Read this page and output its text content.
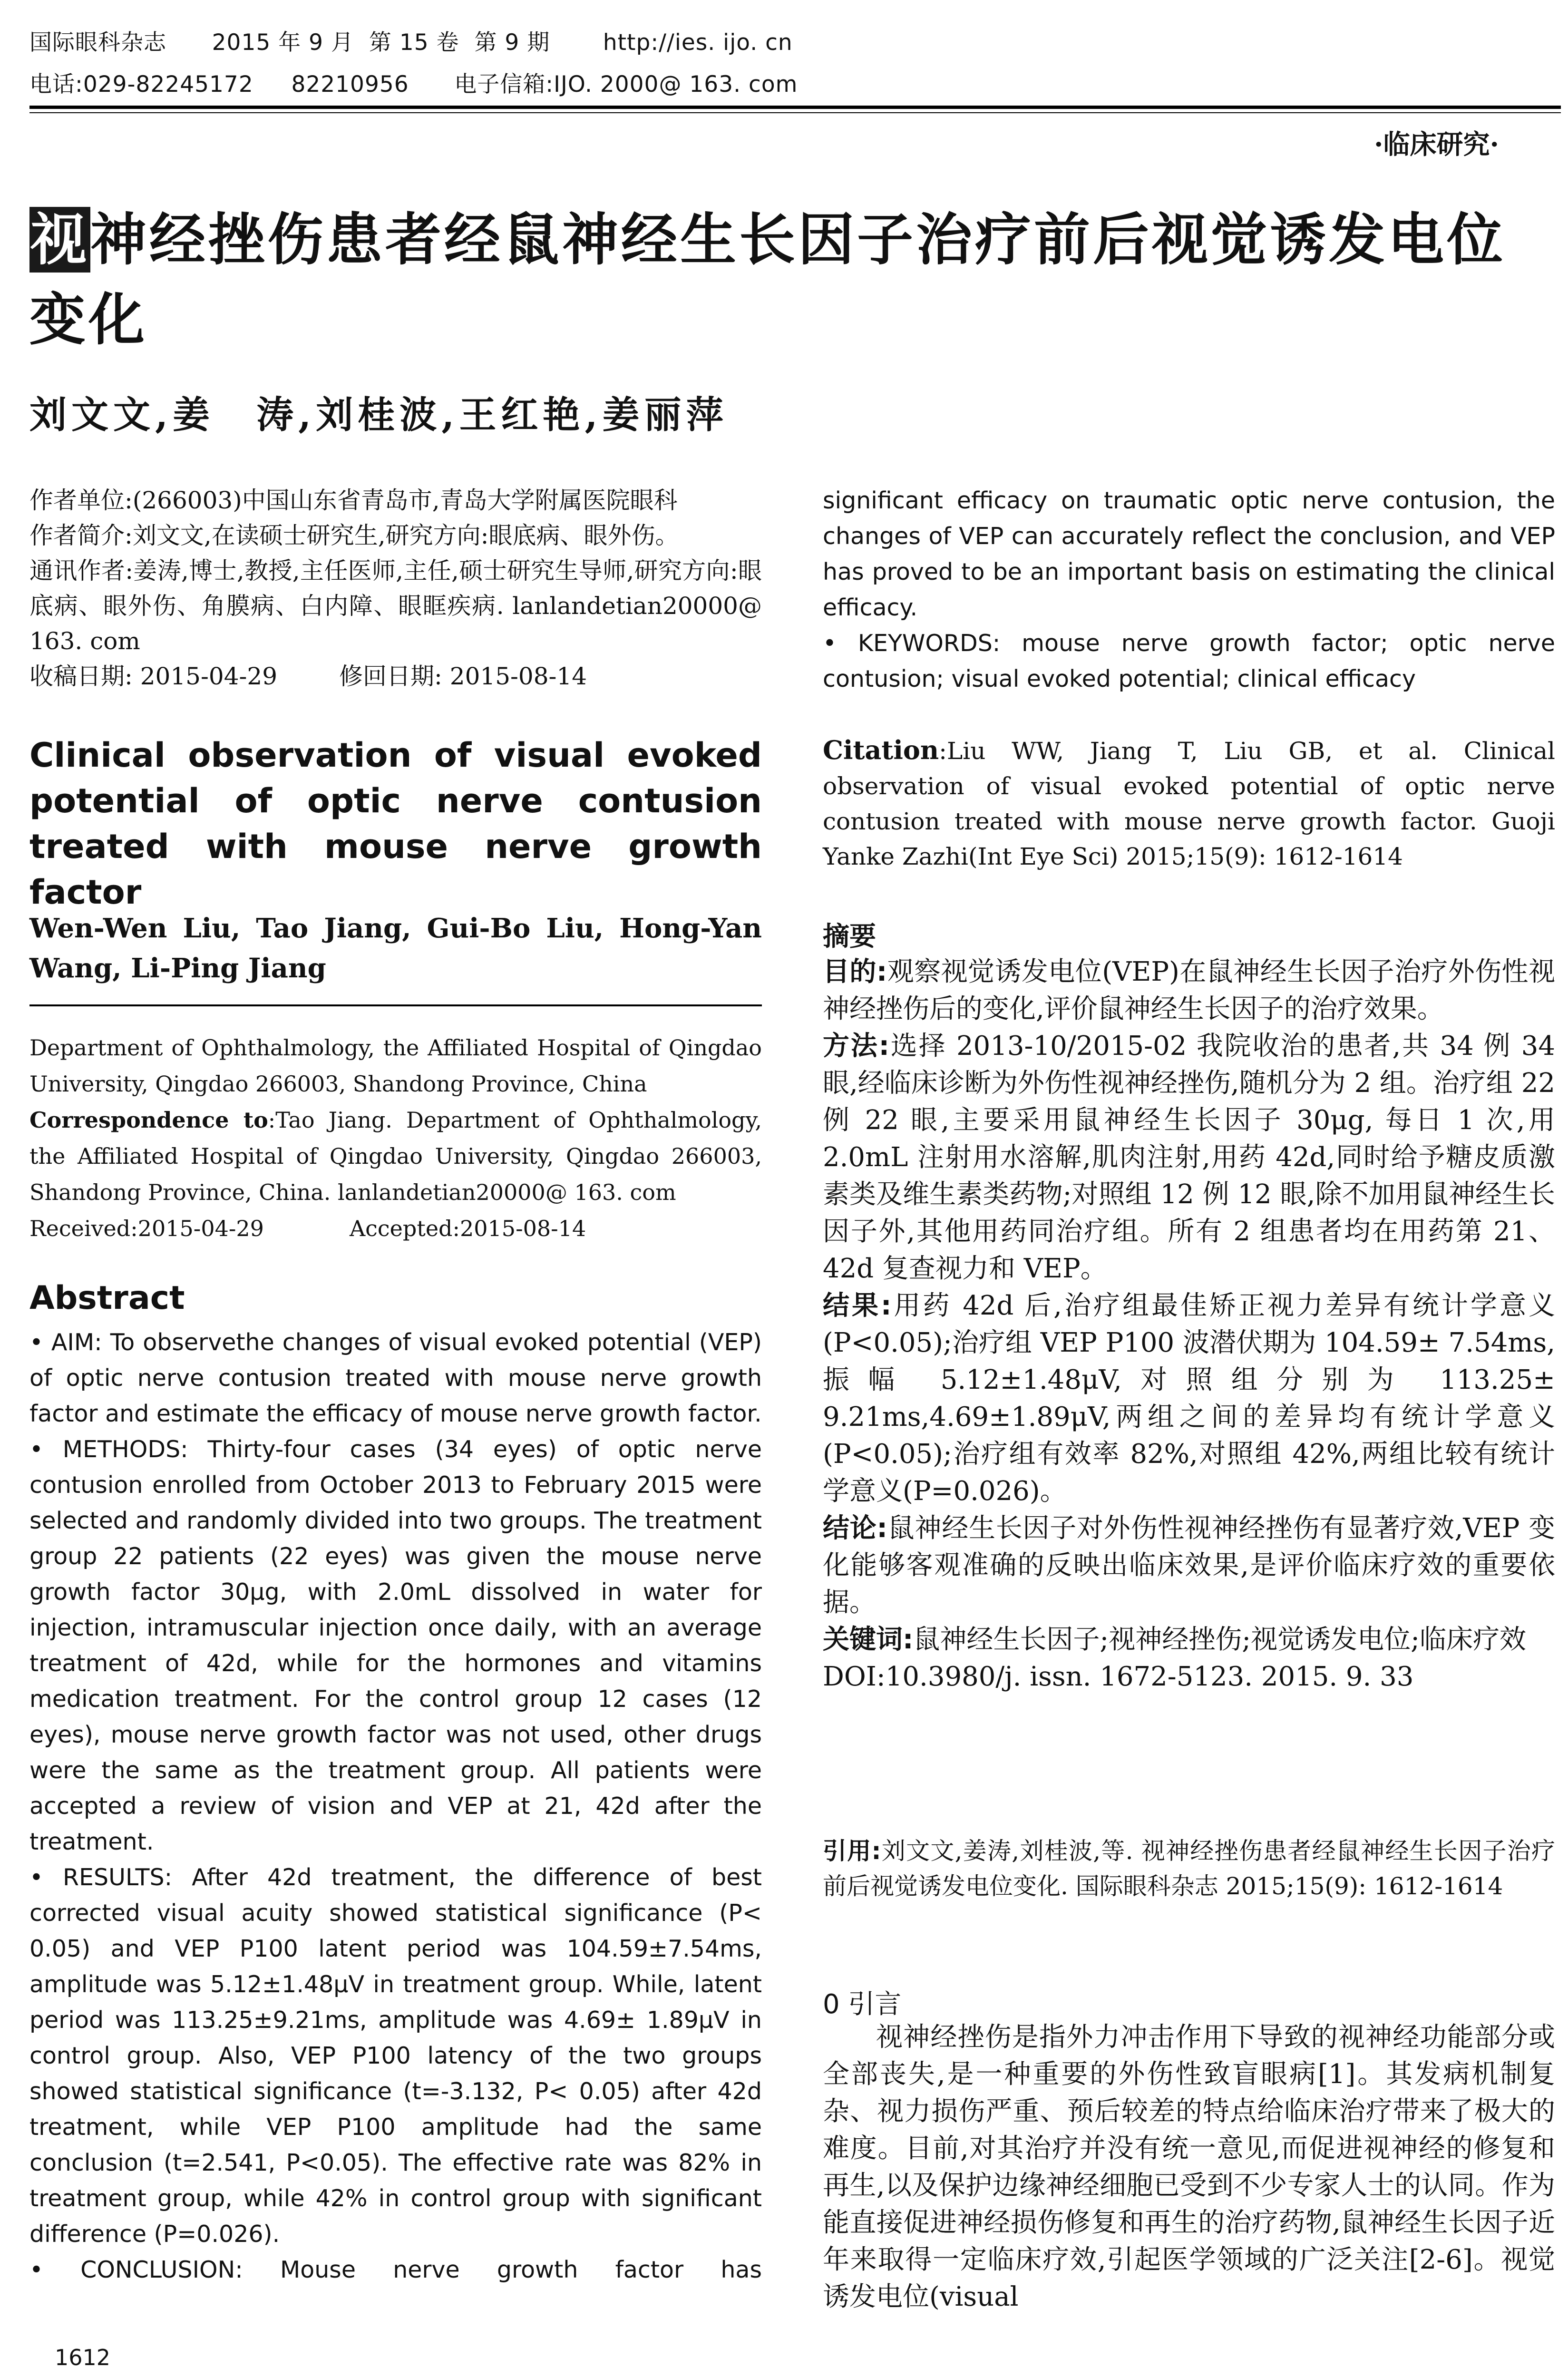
国际眼科杂志 2015 年 9 月 第 15 卷 第 9 期 http://ies. ijo. cn
电话:029-82245172 82210956 电子信箱:IJO. 2000@ 163. com
·临床研究·
视神经挫伤患者经鼠神经生长因子治疗前后视觉诱发电位变化
刘文文,姜　涛,刘桂波,王红艳,姜丽萍
作者单位:(266003)中国山东省青岛市,青岛大学附属医院眼科
作者简介:刘文文,在读硕士研究生,研究方向:眼底病、眼外伤。
通讯作者:姜涛,博士,教授,主任医师,主任,硕士研究生导师,研究方向:眼底病、眼外伤、角膜病、白内障、眼眶疾病. lanlandetian20000@ 163. com
收稿日期: 2015-04-29	修回日期: 2015-08-14
Clinical observation of visual evoked potential of optic nerve contusion treated with mouse nerve growth factor
Wen-Wen Liu, Tao Jiang, Gui-Bo Liu, Hong-Yan Wang, Li-Ping Jiang
Department of Ophthalmology, the Affiliated Hospital of Qingdao University, Qingdao 266003, Shandong Province, China
Correspondence to:Tao Jiang. Department of Ophthalmology, the Affiliated Hospital of Qingdao University, Qingdao 266003, Shandong Province, China. lanlandetian20000@ 163. com
Received:2015-04-29	Accepted:2015-08-14
Abstract
• AIM: To observethe changes of visual evoked potential (VEP) of optic nerve contusion treated with mouse nerve growth factor and estimate the efficacy of mouse nerve growth factor.
• METHODS: Thirty-four cases (34 eyes) of optic nerve contusion enrolled from October 2013 to February 2015 were selected and randomly divided into two groups. The treatment group 22 patients (22 eyes) was given the mouse nerve growth factor 30μg, with 2.0mL dissolved in water for injection, intramuscular injection once daily, with an average treatment of 42d, while for the hormones and vitamins medication treatment. For the control group 12 cases (12 eyes), mouse nerve growth factor was not used, other drugs were the same as the treatment group. All patients were accepted a review of vision and VEP at 21, 42d after the treatment.
• RESULTS: After 42d treatment, the difference of best corrected visual acuity showed statistical significance (P< 0.05) and VEP P100 latent period was 104.59±7.54ms, amplitude was 5.12±1.48μV in treatment group. While, latent period was 113.25±9.21ms, amplitude was 4.69± 1.89μV in control group. Also, VEP P100 latency of the two groups showed statistical significance (t=-3.132, P< 0.05) after 42d treatment, while VEP P100 amplitude had the same conclusion (t=2.541, P<0.05). The effective rate was 82% in treatment group, while 42% in control group with significant difference (P=0.026).
• CONCLUSION: Mouse nerve growth factor has
1612
significant efficacy on traumatic optic nerve contusion, the changes of VEP can accurately reflect the conclusion, and VEP has proved to be an important basis on estimating the clinical efficacy.
• KEYWORDS: mouse nerve growth factor; optic nerve contusion; visual evoked potential; clinical efficacy
Citation:Liu WW, Jiang T, Liu GB, et al. Clinical observation of visual evoked potential of optic nerve contusion treated with mouse nerve growth factor. Guoji Yanke Zazhi(Int Eye Sci) 2015;15(9): 1612-1614
摘要
目的:观察视觉诱发电位(VEP)在鼠神经生长因子治疗外伤性视神经挫伤后的变化,评价鼠神经生长因子的治疗效果。
方法:选择 2013-10/2015-02 我院收治的患者,共 34 例 34 眼,经临床诊断为外伤性视神经挫伤,随机分为 2 组。治疗组 22 例 22 眼,主要采用鼠神经生长因子 30μg, 每日 1 次,用 2.0mL 注射用水溶解,肌肉注射,用药 42d,同时给予糖皮质激素类及维生素类药物;对照组 12 例 12 眼,除不加用鼠神经生长因子外,其他用药同治疗组。所有 2 组患者均在用药第 21、42d 复查视力和 VEP。
结果:用药 42d 后,治疗组最佳矫正视力差异有统计学意义(P<0.05);治疗组 VEP P100 波潜伏期为 104.59± 7.54ms,振幅 5.12±1.48μV,对照组分别为 113.25± 9.21ms,4.69±1.89μV,两组之间的差异均有统计学意义(P<0.05);治疗组有效率 82%,对照组 42%,两组比较有统计学意义(P=0.026)。
结论:鼠神经生长因子对外伤性视神经挫伤有显著疗效,VEP 变化能够客观准确的反映出临床效果,是评价临床疗效的重要依据。
关键词:鼠神经生长因子;视神经挫伤;视觉诱发电位;临床疗效
DOI:10.3980/j. issn. 1672-5123. 2015. 9. 33
引用:刘文文,姜涛,刘桂波,等. 视神经挫伤患者经鼠神经生长因子治疗前后视觉诱发电位变化. 国际眼科杂志 2015;15(9): 1612-1614
0 引言
视神经挫伤是指外力冲击作用下导致的视神经功能部分或全部丧失,是一种重要的外伤性致盲眼病[1]。其发病机制复杂、视力损伤严重、预后较差的特点给临床治疗带来了极大的难度。目前,对其治疗并没有统一意见,而促进视神经的修复和再生,以及保护边缘神经细胞已受到不少专家人士的认同。作为能直接促进神经损伤修复和再生的治疗药物,鼠神经生长因子近年来取得一定临床疗效,引起医学领域的广泛关注[2-6]。视觉诱发电位(visual
